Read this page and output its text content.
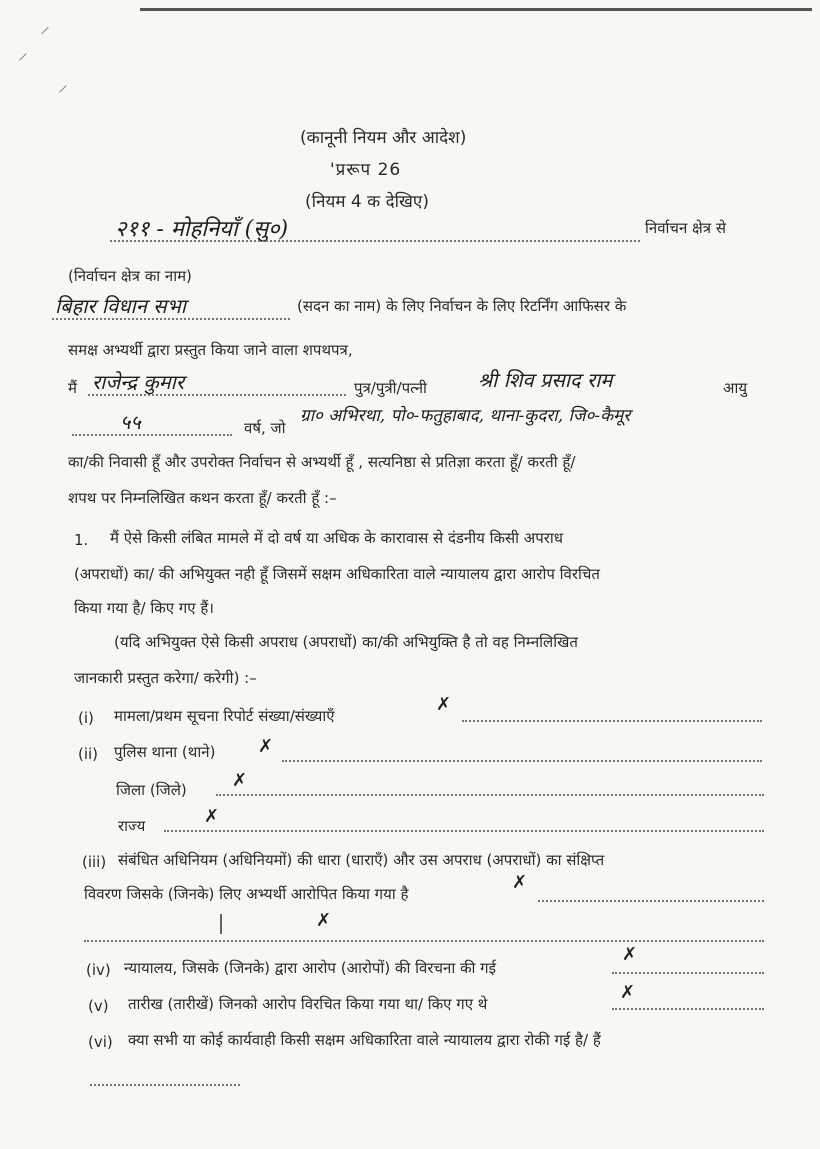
⸝
⸍
⸝
(कानूनी नियम और आदेश)
'प्ररूप 26
(नियम 4 क देखिए)
२११ - मोहनियाँ (सु०)	निर्वाचन क्षेत्र से
(निर्वाचन क्षेत्र का नाम)
बिहार विधान सभा	(सदन का नाम) के लिए निर्वाचन के लिए रिटर्निंग आफिसर के
समक्ष अभ्यर्थी द्वारा प्रस्तुत किया जाने वाला शपथपत्र,
मैं राजेन्द्र कुमार	पुत्र/पुत्री/पत्नी	श्री शिव प्रसाद राम	आयु
५५	वर्ष, जो
ग्रा० अभिरथा, पो०-फतुहाबाद, थाना-कुदरा, जि०-कैमूर
का/की निवासी हूँ और उपरोक्त निर्वाचन से अभ्यर्थी हूँ , सत्यनिष्ठा से प्रतिज्ञा करता हूँ/ करती हूँ/
शपथ पर निम्नलिखित कथन करता हूँ/ करती हूँ :–
1. मैं ऐसे किसी लंबित मामले में दो वर्ष या अधिक के कारावास से दंडनीय किसी अपराध
(अपराधों) का/ की अभियुक्त नही हूँ जिसमें सक्षम अधिकारिता वाले न्यायालय द्वारा आरोप विरचित
किया गया है/ किए गए हैं।
(यदि अभियुक्त ऐसे किसी अपराध (अपराधों) का/की अभियुक्ति है तो वह निम्नलिखित
जानकारी प्रस्तुत करेगा/ करेगी) :–
(i) मामला/प्रथम सूचना रिपोर्ट संख्या/संख्याएँ
✗
(ii) पुलिस थाना (थाने) ✗
जिला (जिले)	✗
राज्य	✗
(iii) संबंधित अधिनियम (अधिनियमों) की धारा (धाराएँ) और उस अपराध (अपराधों) का संक्षिप्त
विवरण जिसके (जिनके) लिए अभ्यर्थी आरोपित किया गया है
✗
✗
(iv) न्यायालय, जिसके (जिनके) द्वारा आरोप (आरोपों) की विरचना की गई
✗
(v) तारीख (तारीखें) जिनको आरोप विरचित किया गया था/ किए गए थे
✗
(vi) क्या सभी या कोई कार्यवाही किसी सक्षम अधिकारिता वाले न्यायालय द्वारा रोकी गई है/ हैं
